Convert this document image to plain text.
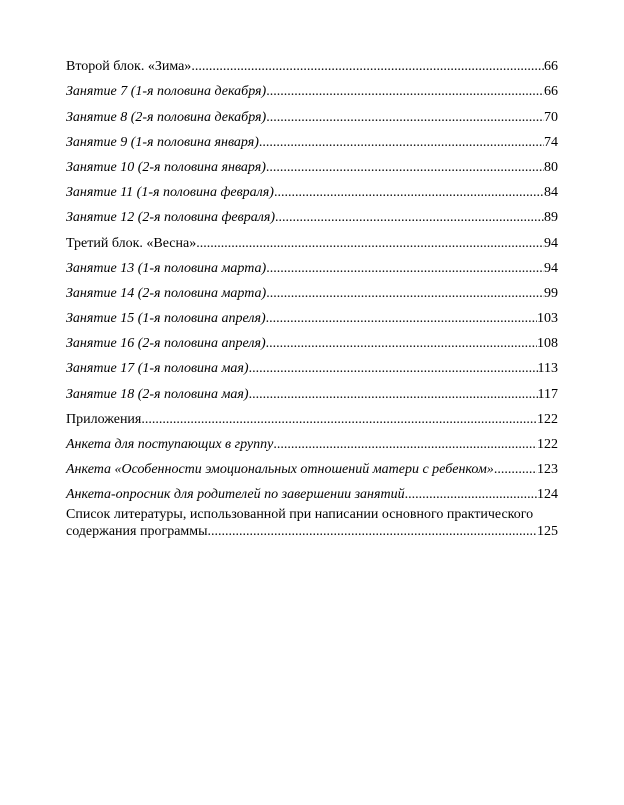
Второй блок. «Зима» .....	66
Занятие 7 (1-я половина декабря) .....	66
Занятие 8 (2-я половина декабря) .....	70
Занятие 9 (1-я половина января) .....	74
Занятие 10 (2-я половина января) .....	80
Занятие 11 (1-я половина февраля) .....	84
Занятие 12 (2-я половина февраля) .....	89
Третий блок. «Весна» .....	94
Занятие 13 (1-я половина марта) .....	94
Занятие 14 (2-я половина марта) .....	99
Занятие 15 (1-я половина апреля) .....	103
Занятие 16 (2-я половина апреля) .....	108
Занятие 17 (1-я половина мая) .....	113
Занятие 18 (2-я половина мая) .....	117
Приложения .....	122
Анкета для поступающих в группу .....	122
Анкета «Особенности эмоциональных отношений матери с ребенком» .....	123
Анкета-опросник для родителей по завершении занятий .....	124
Список литературы, использованной при написании основного практического
содержания программы .....	125
